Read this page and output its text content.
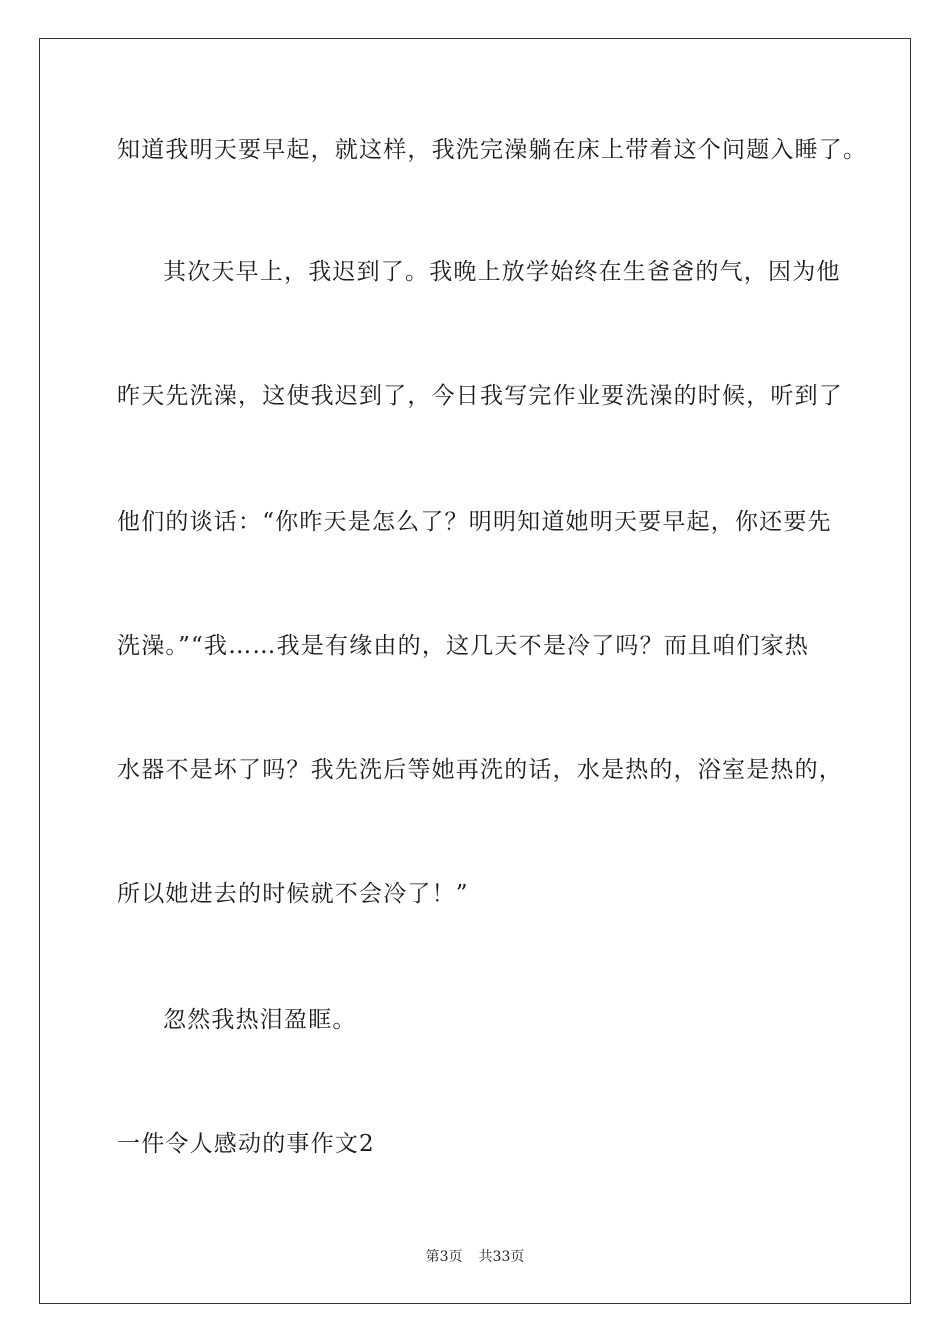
知道我明天要早起，就这样，我洗完澡躺在床上带着这个问题入睡了。
其次天早上，我迟到了。我晚上放学始终在生爸爸的气，因为他
昨天先洗澡，这使我迟到了，今日我写完作业要洗澡的时候，听到了
他们的谈话：“你昨天是怎么了？明明知道她明天要早起，你还要先
洗澡。”“我……我是有缘由的，这几天不是冷了吗？而且咱们家热
水器不是坏了吗？我先洗后等她再洗的话，水是热的，浴室是热的，
所以她进去的时候就不会冷了！”
忽然我热泪盈眶。
一件令人感动的事作文2
第3页 共33页
